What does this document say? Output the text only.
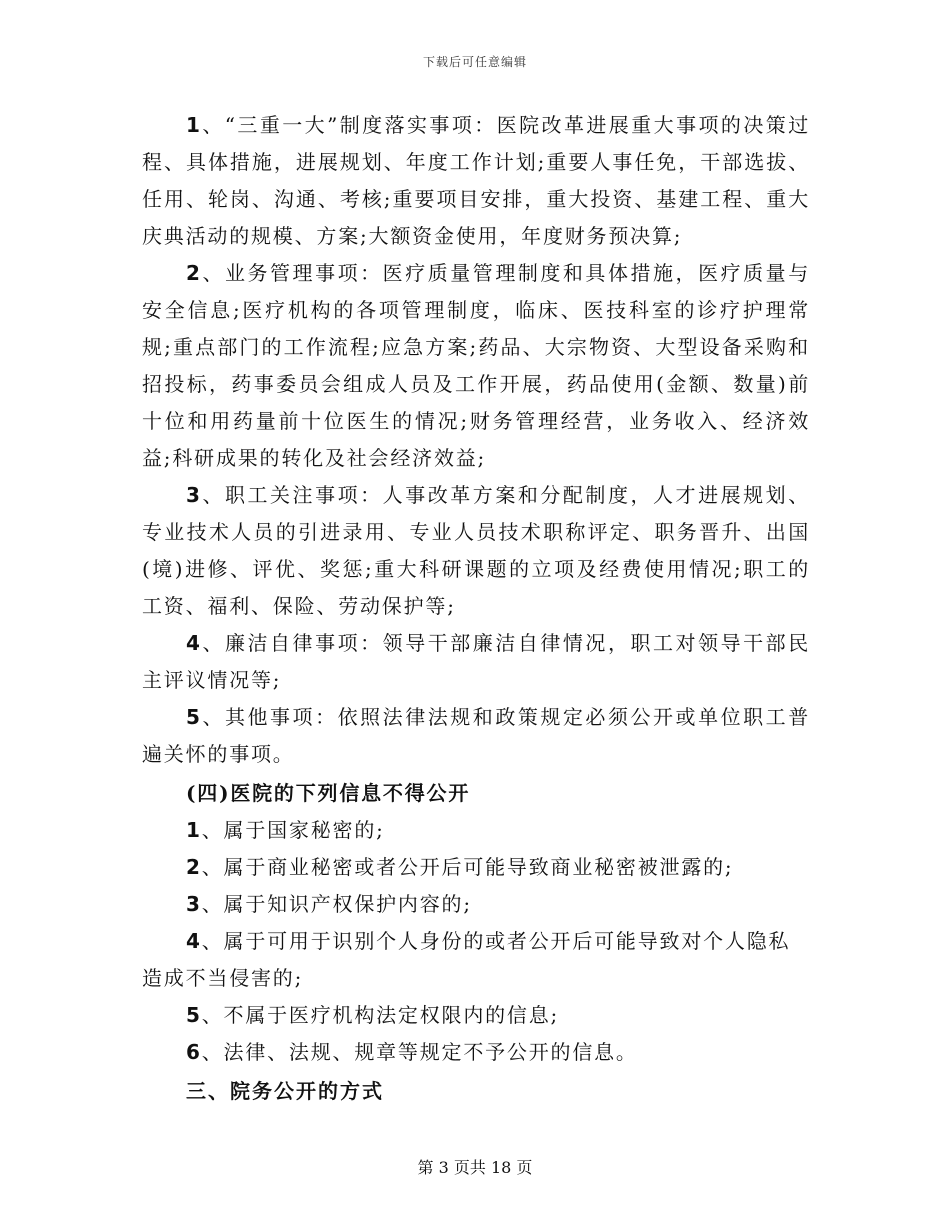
下载后可任意编辑

1、“三重一大”制度落实事项：医院改革进展重大事项的决策过程、具体措施，进展规划、年度工作计划;重要人事任免，干部选拔、任用、轮岗、沟通、考核;重要项目安排，重大投资、基建工程、重大庆典活动的规模、方案;大额资金使用，年度财务预决算;

2、业务管理事项：医疗质量管理制度和具体措施，医疗质量与安全信息;医疗机构的各项管理制度，临床、医技科室的诊疗护理常规;重点部门的工作流程;应急方案;药品、大宗物资、大型设备采购和招投标，药事委员会组成人员及工作开展，药品使用(金额、数量)前十位和用药量前十位医生的情况;财务管理经营，业务收入、经济效益;科研成果的转化及社会经济效益;

3、职工关注事项：人事改革方案和分配制度，人才进展规划、专业技术人员的引进录用、专业人员技术职称评定、职务晋升、出国(境)进修、评优、奖惩;重大科研课题的立项及经费使用情况;职工的工资、福利、保险、劳动保护等;

4、廉洁自律事项：领导干部廉洁自律情况，职工对领导干部民主评议情况等;

5、其他事项：依照法律法规和政策规定必须公开或单位职工普遍关怀的事项。

(四)医院的下列信息不得公开

1、属于国家秘密的;

2、属于商业秘密或者公开后可能导致商业秘密被泄露的;

3、属于知识产权保护内容的;

4、属于可用于识别个人身份的或者公开后可能导致对个人隐私造成不当侵害的;

5、不属于医疗机构法定权限内的信息;

6、法律、法规、规章等规定不予公开的信息。

三、院务公开的方式

第 3 页共 18 页
